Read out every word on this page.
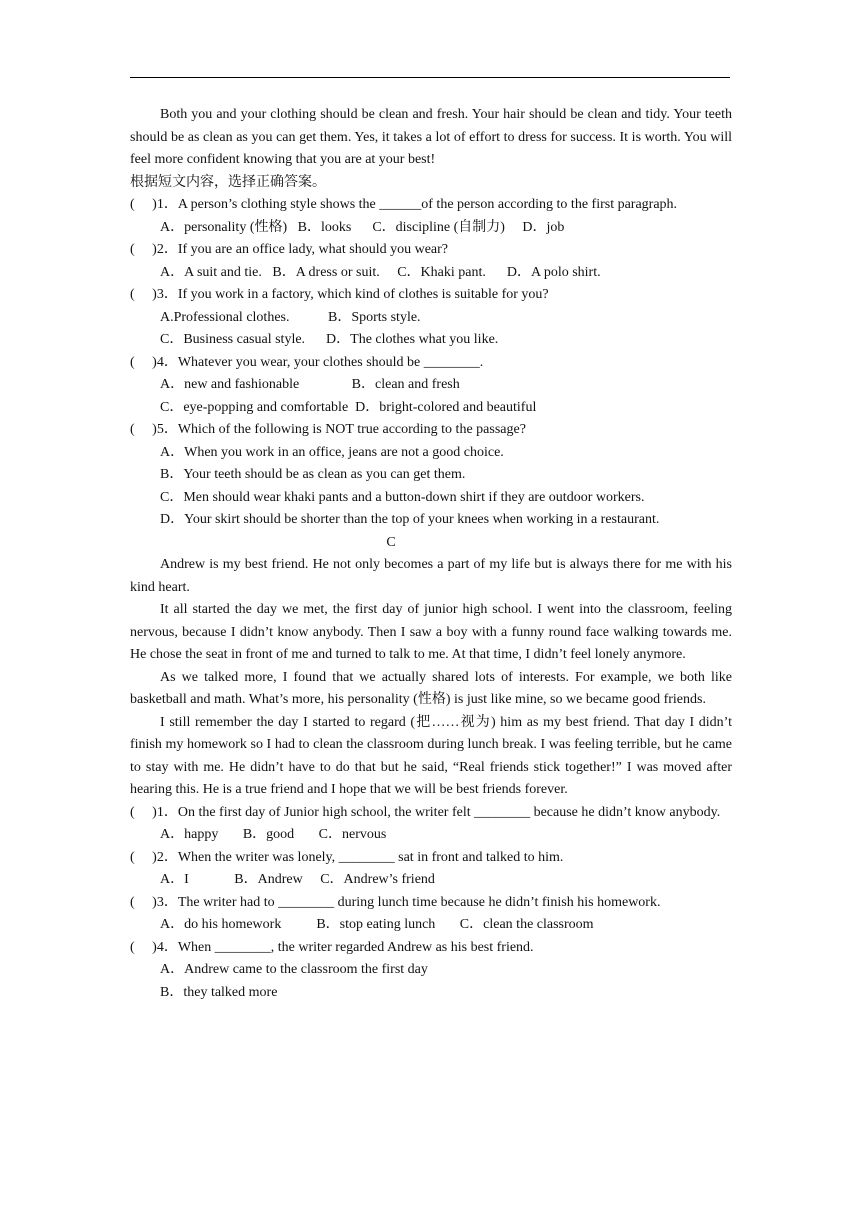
Both you and your clothing should be clean and fresh. Your hair should be clean and tidy. Your teeth should be as clean as you can get them. Yes, it takes a lot of effort to dress for success. It is worth. You will feel more confident knowing that you are at your best!

根据短文内容，选择正确答案。

(  ) 1．A person’s clothing style shows the ______of the person according to the first paragraph.
A．personality (性格)   B．looks      C．discipline (自制力)     D．job
(  ) 2．If you are an office lady, what should you wear?
A．A suit and tie.   B．A dress or suit.     C．Khaki pant.      D．A polo shirt.
(  ) 3．If you work in a factory, which kind of clothes is suitable for you?
A.Professional clothes.           B．Sports style.
C．Business casual style.      D．The clothes what you like.
(  ) 4．Whatever you wear, your clothes should be ________.
A．new and fashionable               B．clean and fresh
C．eye-popping and comfortable  D．bright-colored and beautiful
(  ) 5．Which of the following is NOT true according to the passage?
A．When you work in an office, jeans are not a good choice.
B．Your teeth should be as clean as you can get them.
C．Men should wear khaki pants and a button-down shirt if they are outdoor workers.
D．Your skirt should be shorter than the top of your knees when working in a restaurant.

C

Andrew is my best friend. He not only becomes a part of my life but is always there for me with his kind heart.

It all started the day we met, the first day of junior high school. I went into the classroom, feeling nervous, because I didn’t know anybody. Then I saw a boy with a funny round face walking towards me. He chose the seat in front of me and turned to talk to me. At that time, I didn’t feel lonely anymore.

As we talked more, I found that we actually shared lots of interests. For example, we both like basketball and math. What’s more, his personality (性格) is just like mine, so we became good friends.

I still remember the day I started to regard (把……视为) him as my best friend. That day I didn’t finish my homework so I had to clean the classroom during lunch break. I was feeling terrible, but he came to stay with me. He didn’t have to do that but he said, “Real friends stick together!” I was moved after hearing this. He is a true friend and I hope that we will be best friends forever.

(  ) 1．On the first day of Junior high school, the writer felt ________ because he didn’t know anybody.
A．happy       B．good       C．nervous
(  ) 2．When the writer was lonely, ________ sat in front and talked to him.
A．I             B．Andrew     C．Andrew’s friend
(  ) 3．The writer had to ________ during lunch time because he didn’t finish his homework.
A．do his homework          B．stop eating lunch       C．clean the classroom
(  ) 4．When ________, the writer regarded Andrew as his best friend.
A．Andrew came to the classroom the first day
B．they talked more
